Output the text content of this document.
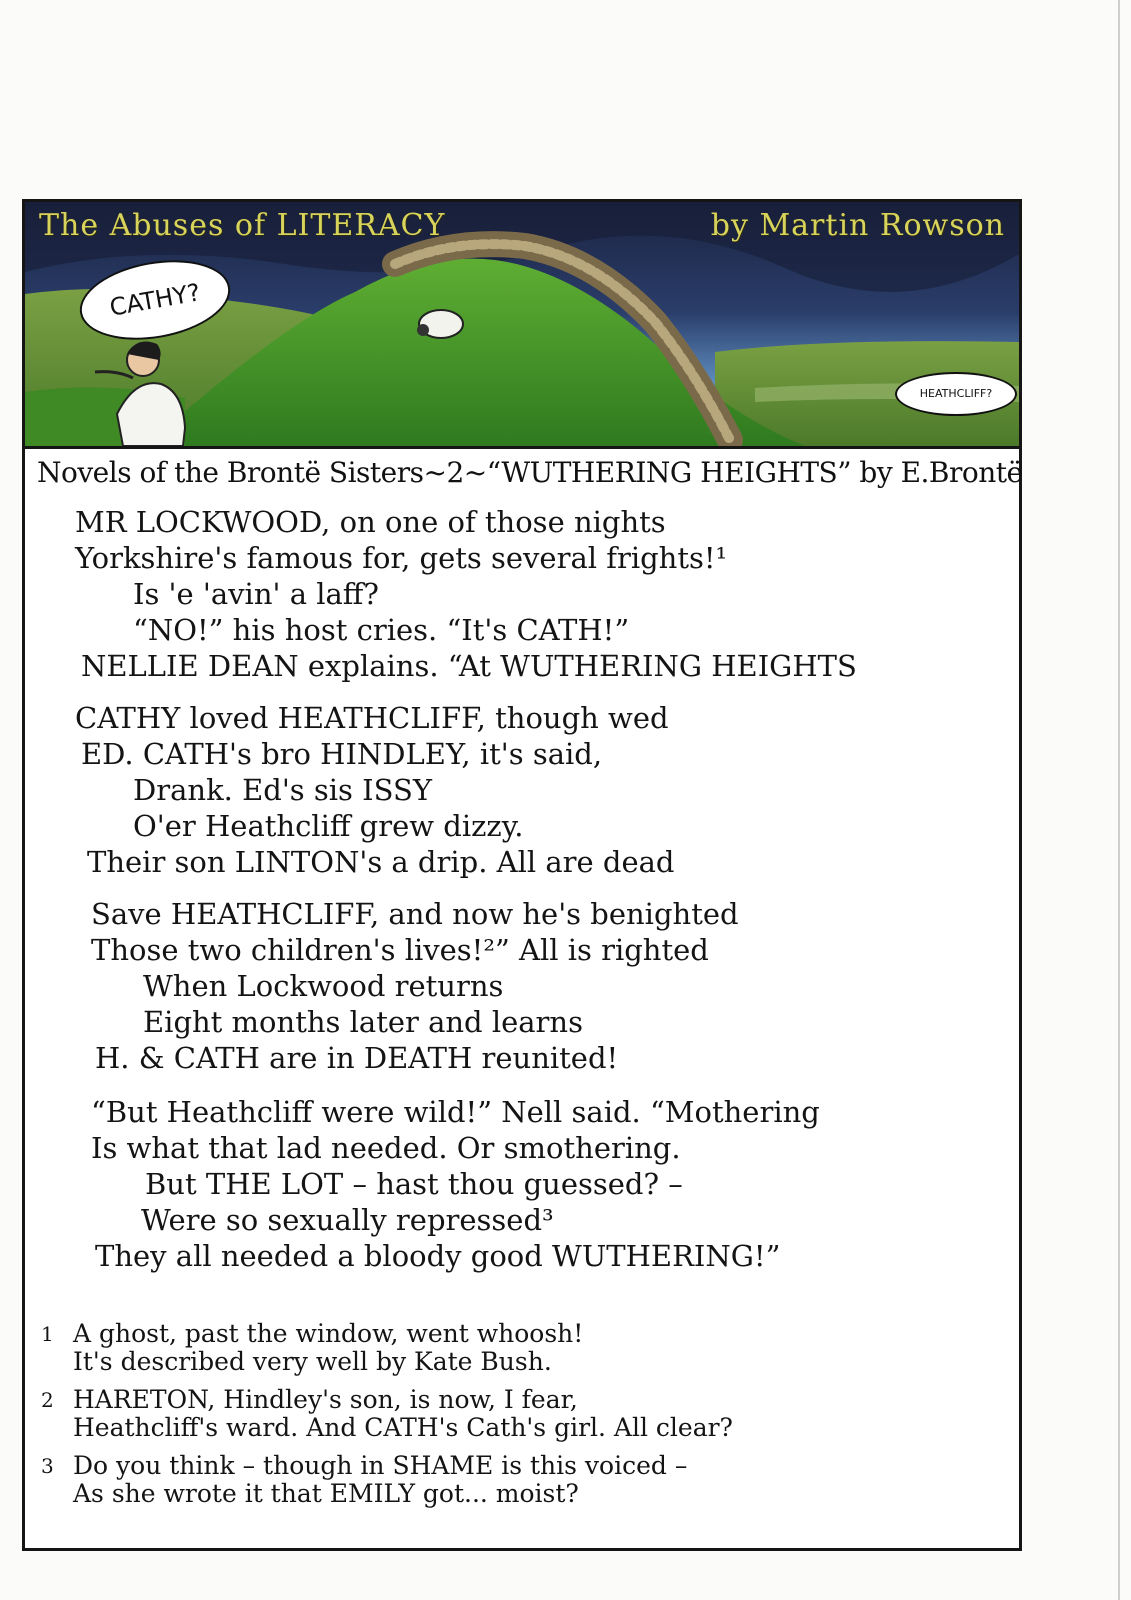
The Abuses of LITERACY	by Martin Rowson
CATHY?
HEATHCLIFF?
Novels of the Brontë Sisters~2~“WUTHERING HEIGHTS” by E.Brontë
MR LOCKWOOD, on one of those nights
Yorkshire's famous for, gets several frights!¹
Is 'e 'avin' a laff?
“NO!” his host cries. “It's CATH!”
NELLIE DEAN explains. “At WUTHERING HEIGHTS
CATHY loved HEATHCLIFF, though wed
ED. CATH's bro HINDLEY, it's said,
Drank. Ed's sis ISSY
O'er Heathcliff grew dizzy.
Their son LINTON's a drip. All are dead
Save HEATHCLIFF, and now he's benighted
Those two children's lives!²” All is righted
When Lockwood returns
Eight months later and learns
H. & CATH are in DEATH reunited!
“But Heathcliff were wild!” Nell said. “Mothering
Is what that lad needed. Or smothering.
But THE LOT – hast thou guessed? –
Were so sexually repressed³
They all needed a bloody good WUTHERING!”
1 A ghost, past the window, went whoosh!
It's described very well by Kate Bush.
2 HARETON, Hindley's son, is now, I fear,
Heathcliff's ward. And CATH's Cath's girl. All clear?
3 Do you think – though in SHAME is this voiced –
As she wrote it that EMILY got... moist?
